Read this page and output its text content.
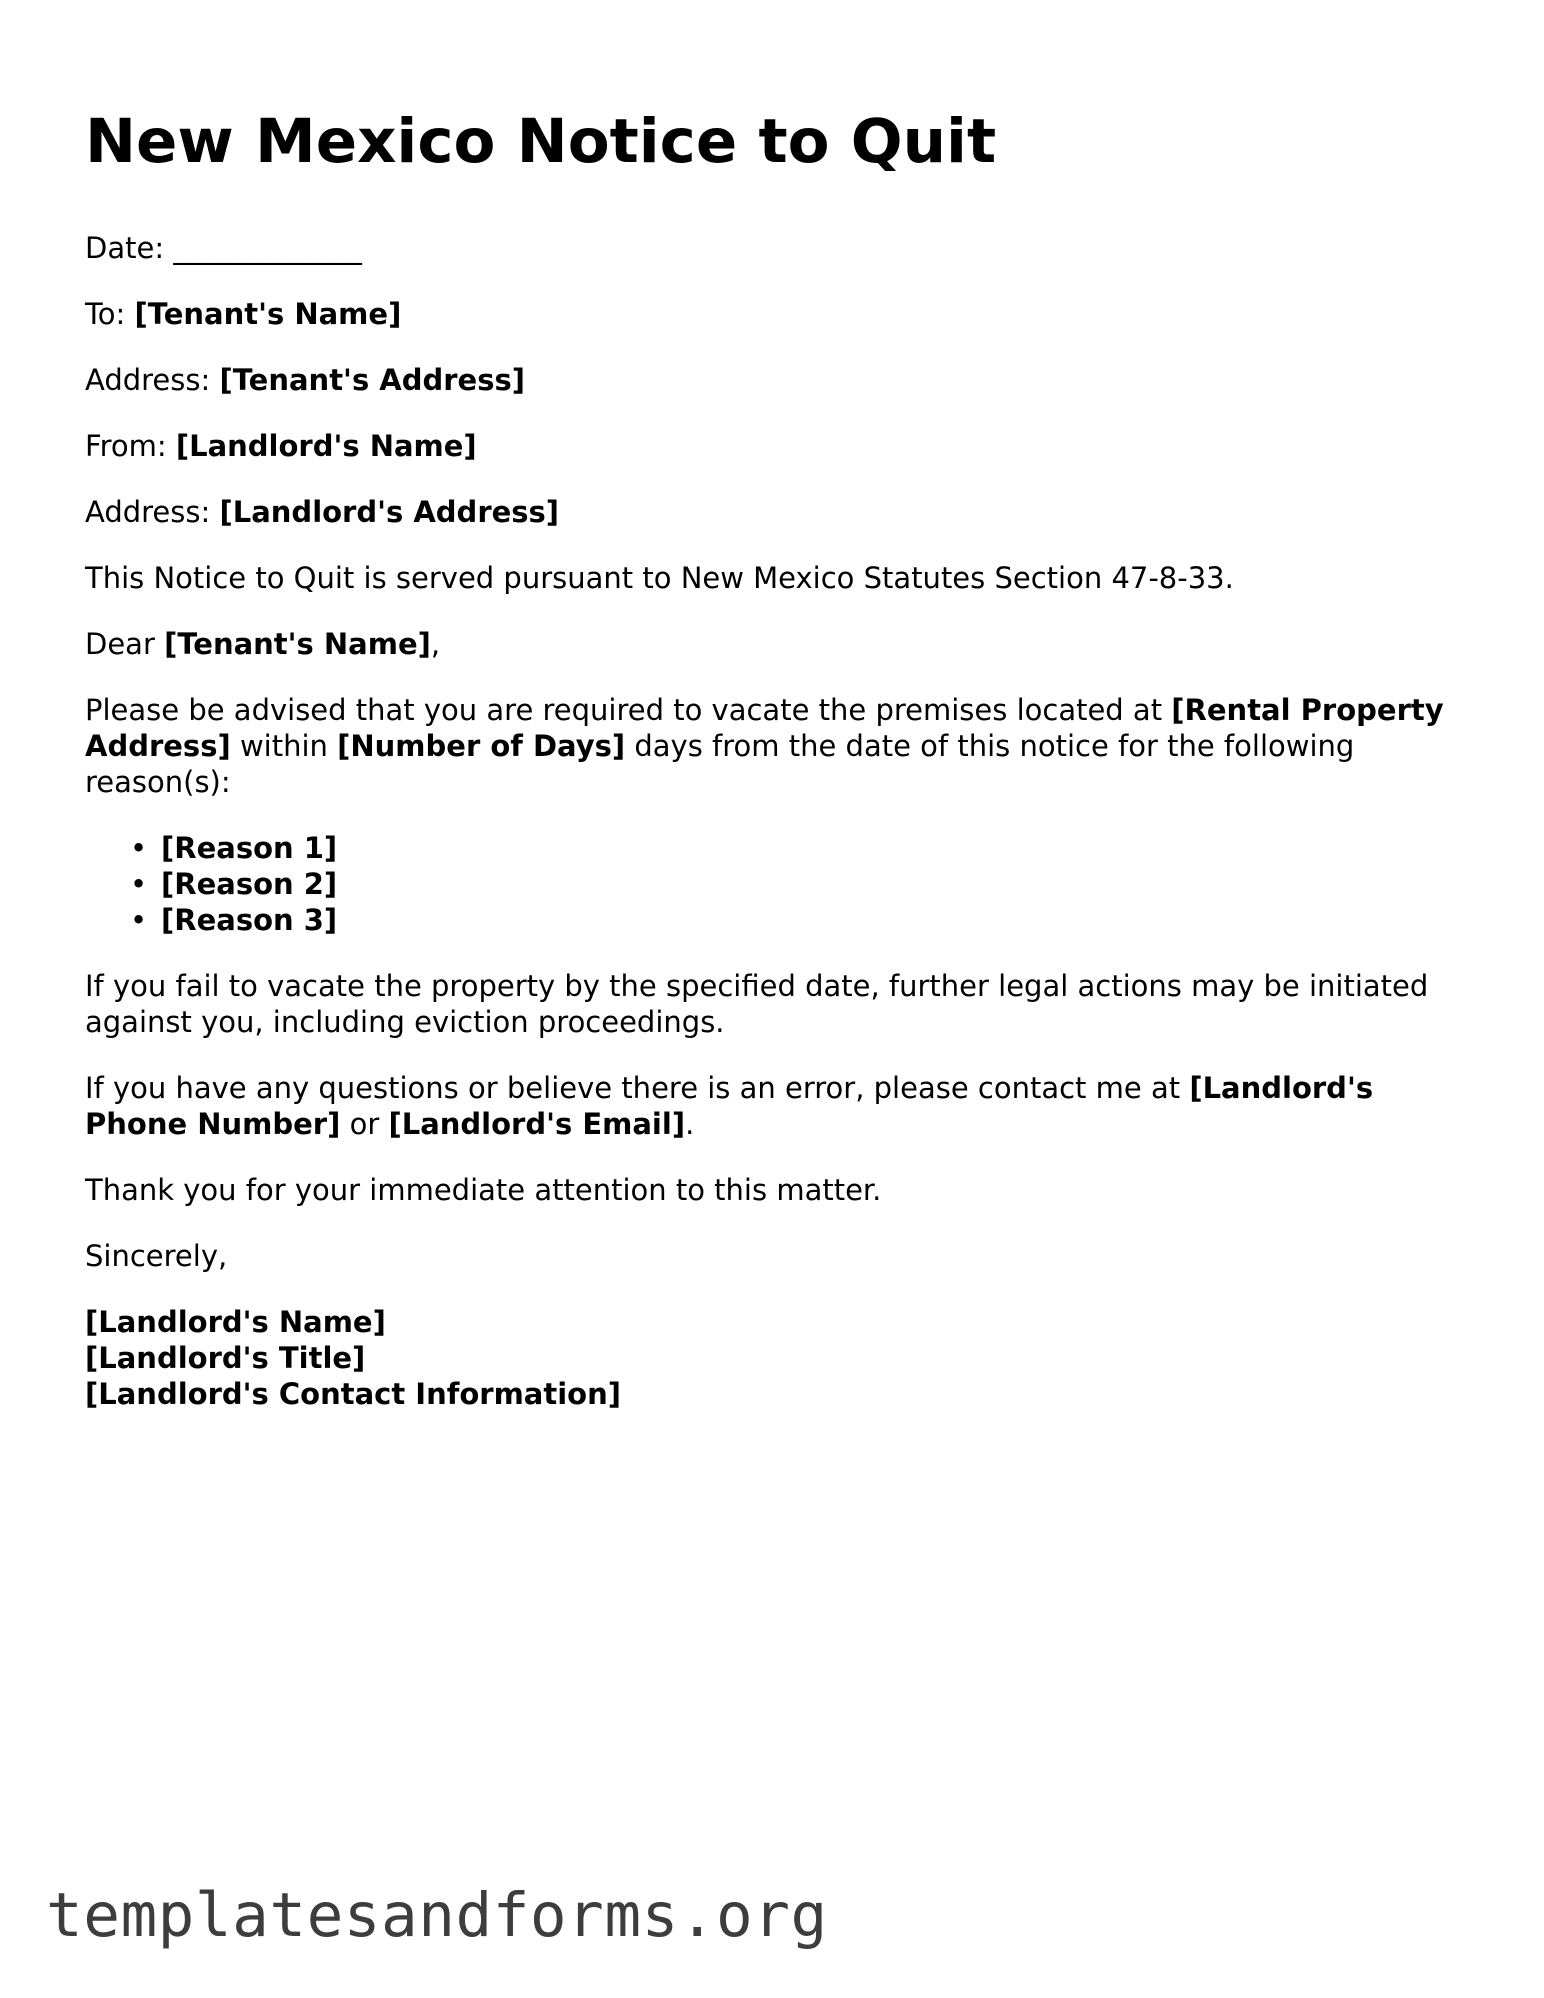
New Mexico Notice to Quit

Date: _____________

To: [Tenant's Name]

Address: [Tenant's Address]

From: [Landlord's Name]

Address: [Landlord's Address]

This Notice to Quit is served pursuant to New Mexico Statutes Section 47-8-33.

Dear [Tenant's Name],

Please be advised that you are required to vacate the premises located at [Rental Property Address] within [Number of Days] days from the date of this notice for the following reason(s):

• [Reason 1]
• [Reason 2]
• [Reason 3]

If you fail to vacate the property by the specified date, further legal actions may be initiated against you, including eviction proceedings.

If you have any questions or believe there is an error, please contact me at [Landlord's Phone Number] or [Landlord's Email].

Thank you for your immediate attention to this matter.

Sincerely,

[Landlord's Name]

[Landlord's Title]

[Landlord's Contact Information]

templatesandforms.org
